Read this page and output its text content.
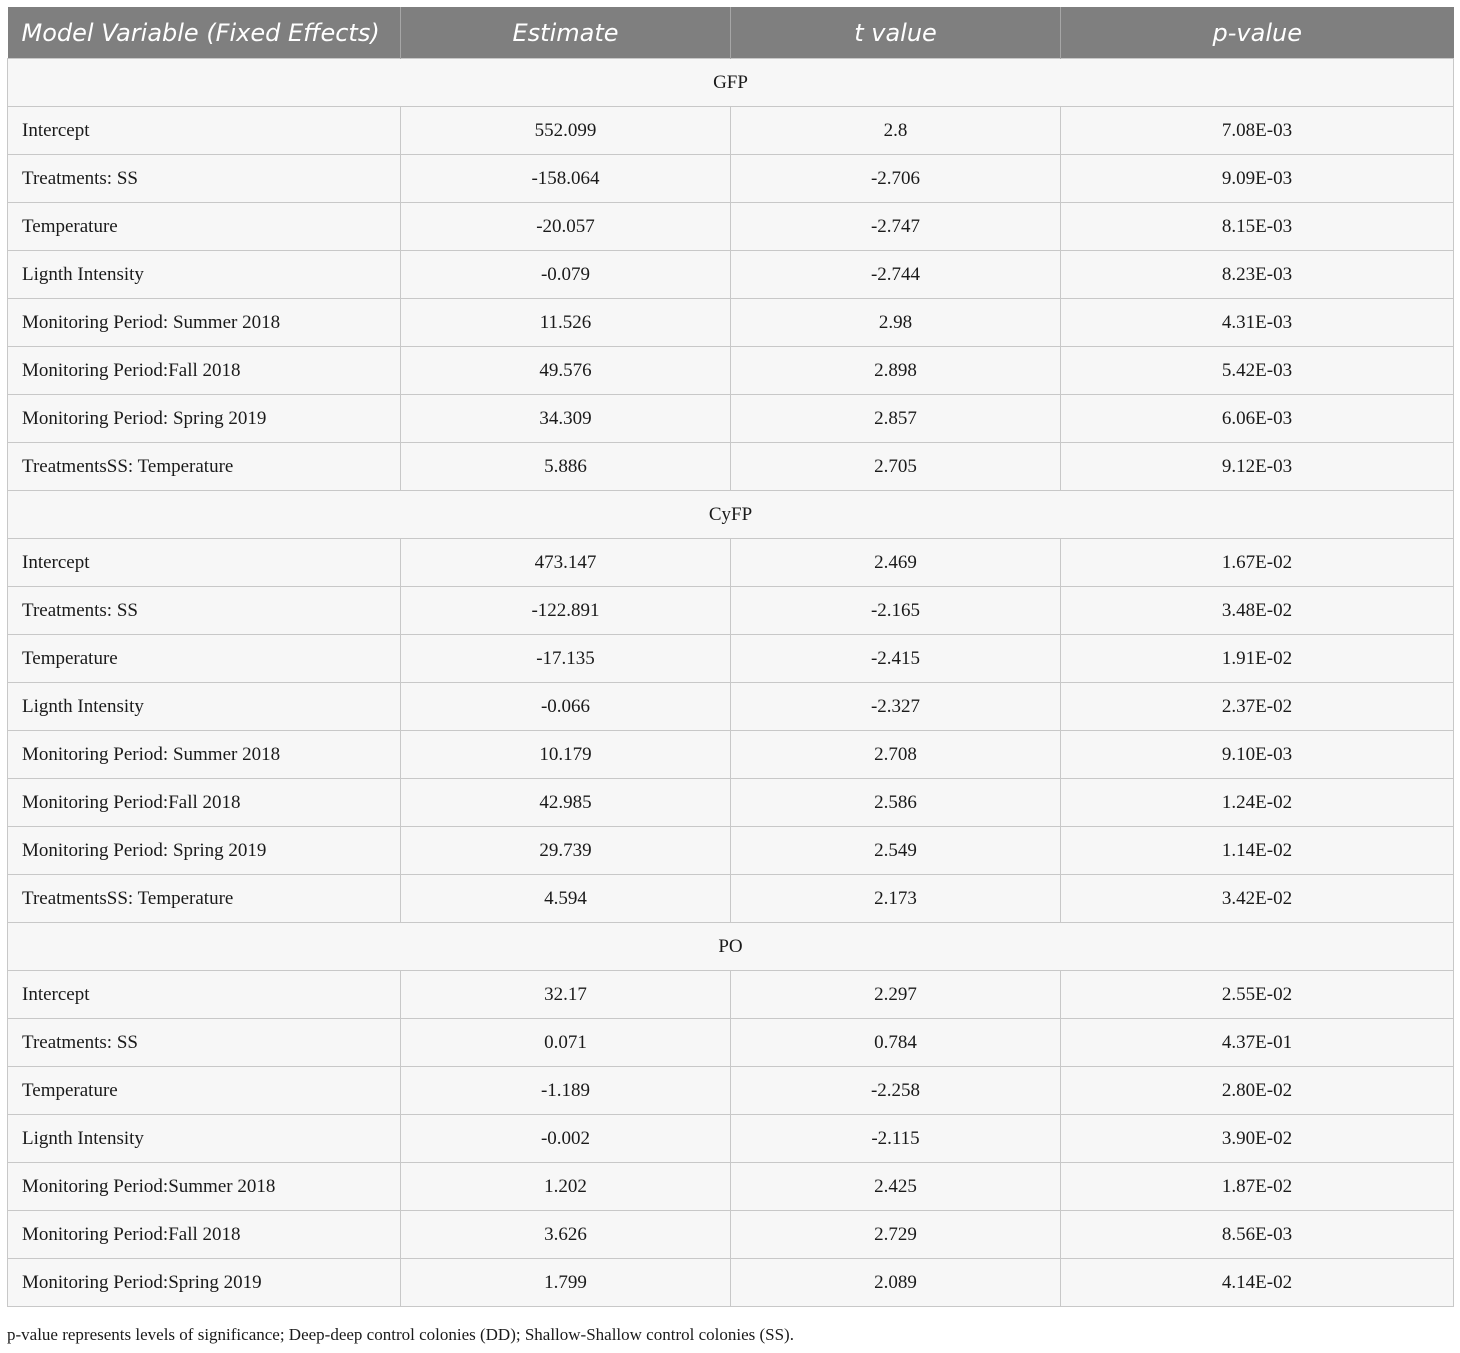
Model Variable (Fixed Effects)	Estimate	t value	p-value
GFP			
Intercept	552.099	2.8	7.08E-03
Treatments: SS	-158.064	-2.706	9.09E-03
Temperature	-20.057	-2.747	8.15E-03
Lignth Intensity	-0.079	-2.744	8.23E-03
Monitoring Period: Summer 2018	11.526	2.98	4.31E-03
Monitoring Period:Fall 2018	49.576	2.898	5.42E-03
Monitoring Period: Spring 2019	34.309	2.857	6.06E-03
TreatmentsSS: Temperature	5.886	2.705	9.12E-03
CyFP			
Intercept	473.147	2.469	1.67E-02
Treatments: SS	-122.891	-2.165	3.48E-02
Temperature	-17.135	-2.415	1.91E-02
Lignth Intensity	-0.066	-2.327	2.37E-02
Monitoring Period: Summer 2018	10.179	2.708	9.10E-03
Monitoring Period:Fall 2018	42.985	2.586	1.24E-02
Monitoring Period: Spring 2019	29.739	2.549	1.14E-02
TreatmentsSS: Temperature	4.594	2.173	3.42E-02
PO			
Intercept	32.17	2.297	2.55E-02
Treatments: SS	0.071	0.784	4.37E-01
Temperature	-1.189	-2.258	2.80E-02
Lignth Intensity	-0.002	-2.115	3.90E-02
Monitoring Period:Summer 2018	1.202	2.425	1.87E-02
Monitoring Period:Fall 2018	3.626	2.729	8.56E-03
Monitoring Period:Spring 2019	1.799	2.089	4.14E-02
p-value represents levels of significance; Deep-deep control colonies (DD); Shallow-Shallow control colonies (SS).
